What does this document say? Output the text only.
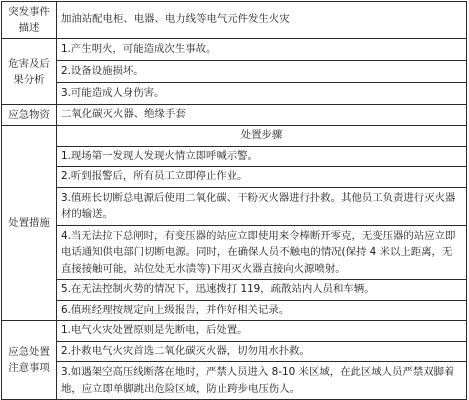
突发事件描述	加油站配电柜、电器、电力线等电气元件发生火灾
危害及后果分析	1.产生明火，可能造成次生事故。
	2.设备设施损坏。
	3.可能造成人身伤害。
应急物资	二氧化碳灭火器、绝缘手套
处置措施	处置步骤
	1.现场第一发现人发现火情立即呼喊示警。
	2.听到报警后，所有员工立即停止作业。
	3.值班长切断总电源后使用二氧化碳、干粉灭火器进行扑救。其他员工负责进行灭火器材的输送。
	4.当无法拉下总闸时，有变压器的站应立即使用来令棒断开零克，无变压器的站应立即电话通知供电部门切断电源。同时，在确保人员不触电的情况(保持 4 米以上距离，无直接接触可能，站位处无水渍等)下用灭火器直接向火源喷射。
	5.在无法控制火势的情况下，迅速拨打 119，疏散站内人员和车辆。
	6.值班经理按规定向上级报告，并作好相关记录。
应急处置注意事项	1.电气火灾处置原则是先断电，后处置。
	2.扑救电气火灾首选二氧化碳灭火器，切勿用水扑救。
	3.如遇架空高压线断落在地时，严禁人员进入 8-10 米区域，在此区域人员严禁双脚着地，应立即单脚跳出危险区域，防止跨步电压伤人。
